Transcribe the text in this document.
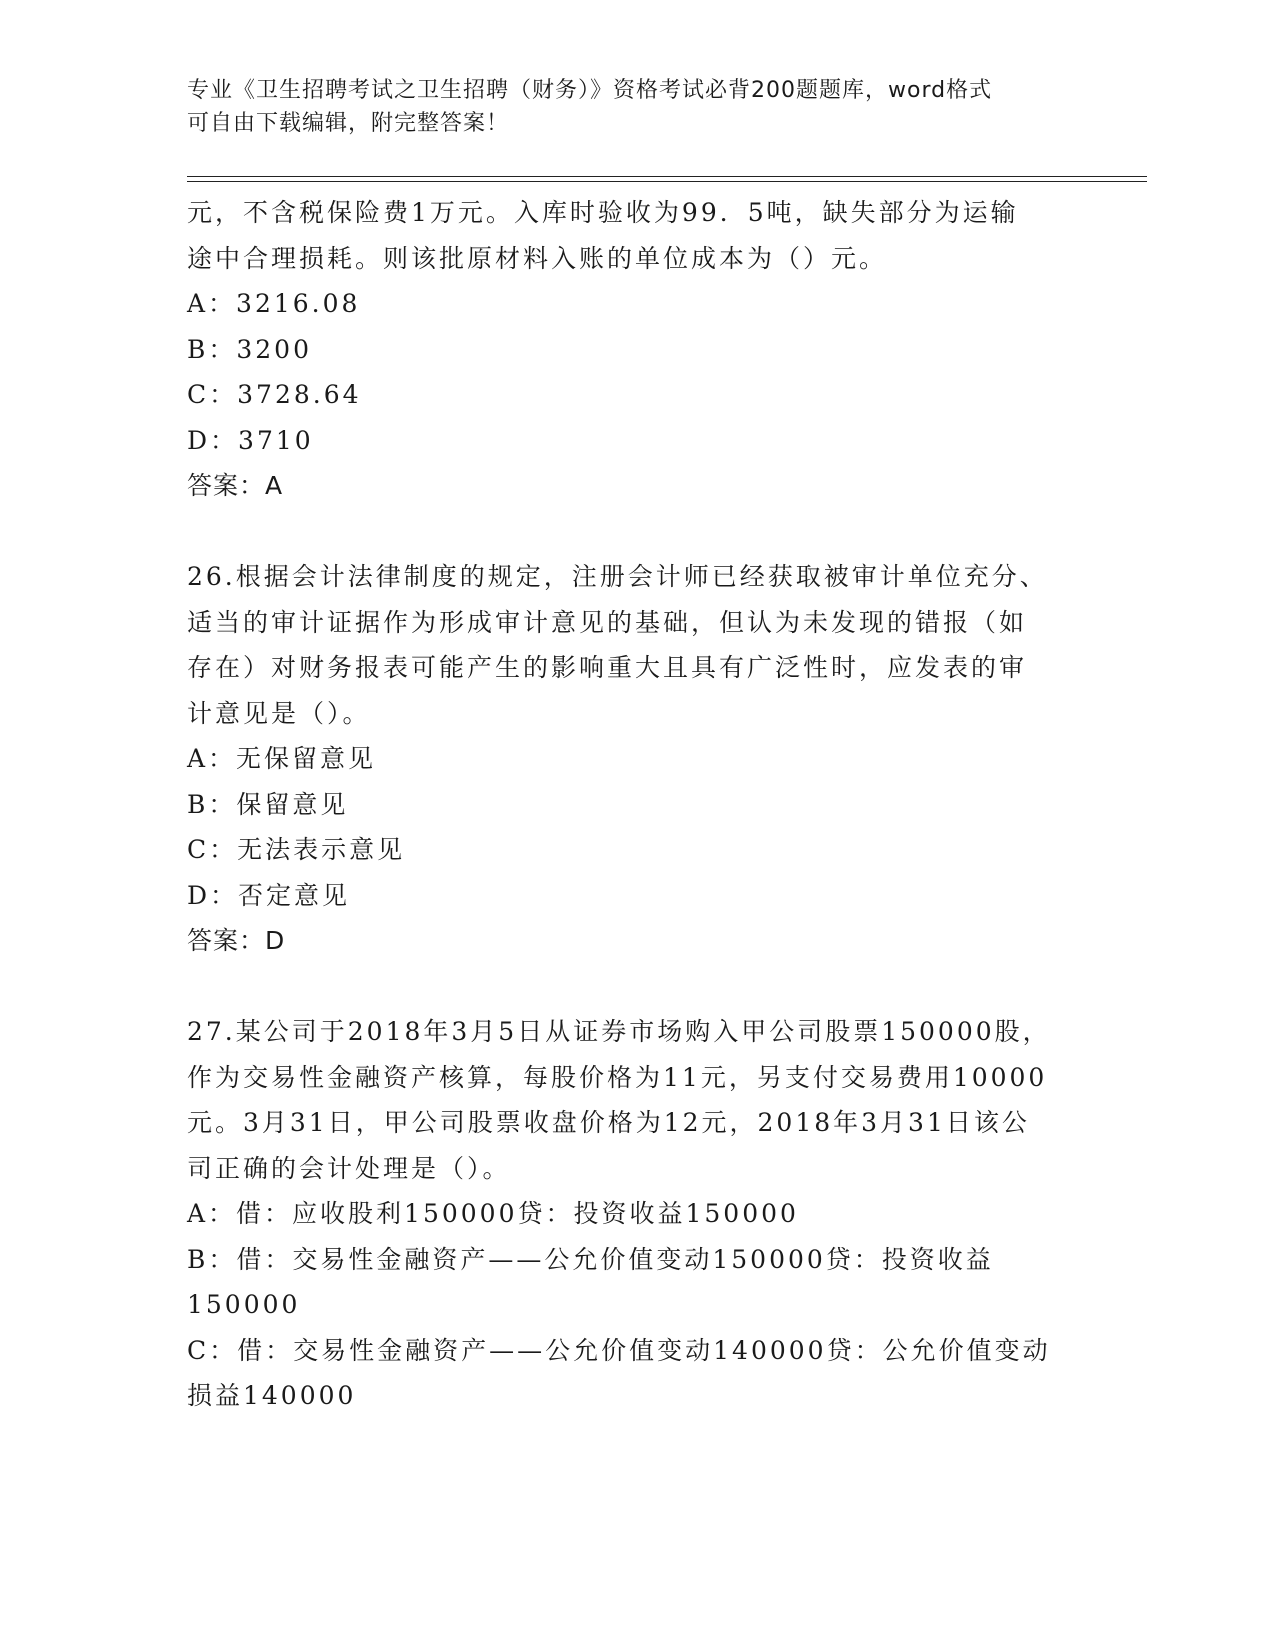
专业《卫生招聘考试之卫生招聘（财务）》资格考试必背200题题库，word格式
可自由下载编辑，附完整答案！
元，不含税保险费1万元。入库时验收为99．5吨，缺失部分为运输
途中合理损耗。则该批原材料入账的单位成本为（）元。
A：3216.08
B：3200
C：3728.64
D：3710
答案：A
26.根据会计法律制度的规定，注册会计师已经获取被审计单位充分、
适当的审计证据作为形成审计意见的基础，但认为未发现的错报（如
存在）对财务报表可能产生的影响重大且具有广泛性时，应发表的审
计意见是（）。
A：无保留意见
B：保留意见
C：无法表示意见
D：否定意见
答案：D
27.某公司于2018年3月5日从证券市场购入甲公司股票150000股，
作为交易性金融资产核算，每股价格为11元，另支付交易费用10000
元。3月31日，甲公司股票收盘价格为12元，2018年3月31日该公
司正确的会计处理是（）。
A：借：应收股利150000贷：投资收益150000
B：借：交易性金融资产——公允价值变动150000贷：投资收益
150000
C：借：交易性金融资产——公允价值变动140000贷：公允价值变动
损益140000
